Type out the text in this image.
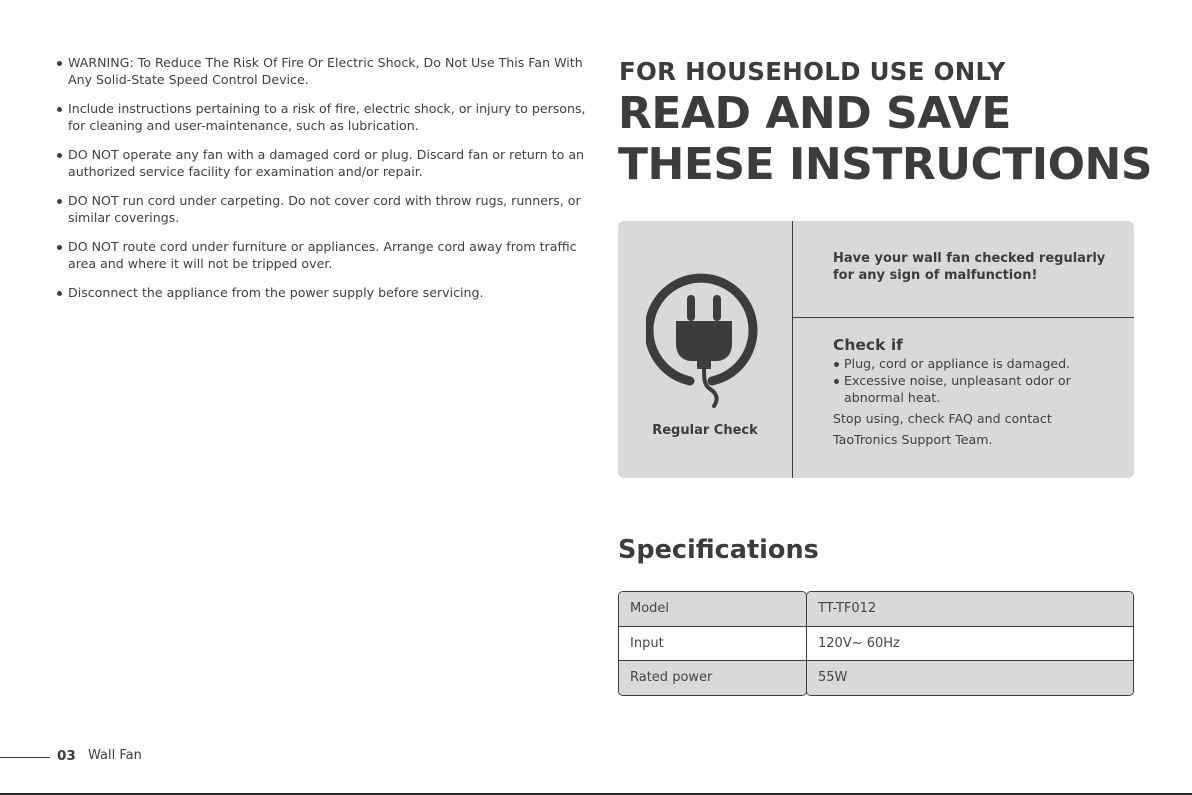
WARNING: To Reduce The Risk Of Fire Or Electric Shock, Do Not Use This Fan With Any Solid-State Speed Control Device.
Include instructions pertaining to a risk of fire, electric shock, or injury to persons, for cleaning and user-maintenance, such as lubrication.
DO NOT operate any fan with a damaged cord or plug. Discard fan or return to an authorized service facility for examination and/or repair.
DO NOT run cord under carpeting. Do not cover cord with throw rugs, runners, or similar coverings.
DO NOT route cord under furniture or appliances. Arrange cord away from traffic area and where it will not be tripped over.
Disconnect the appliance from the power supply before servicing.
FOR HOUSEHOLD USE ONLY
READ AND SAVE
THESE INSTRUCTIONS
Regular Check
Have your wall fan checked regularly
for any sign of malfunction!
Check if
Plug, cord or appliance is damaged.
Excessive noise, unpleasant odor or abnormal heat.
Stop using, check FAQ and contact
TaoTronics Support Team.
Specifications
Model
Input
Rated power
TT-TF012
120V~ 60Hz
55W
03 Wall Fan
